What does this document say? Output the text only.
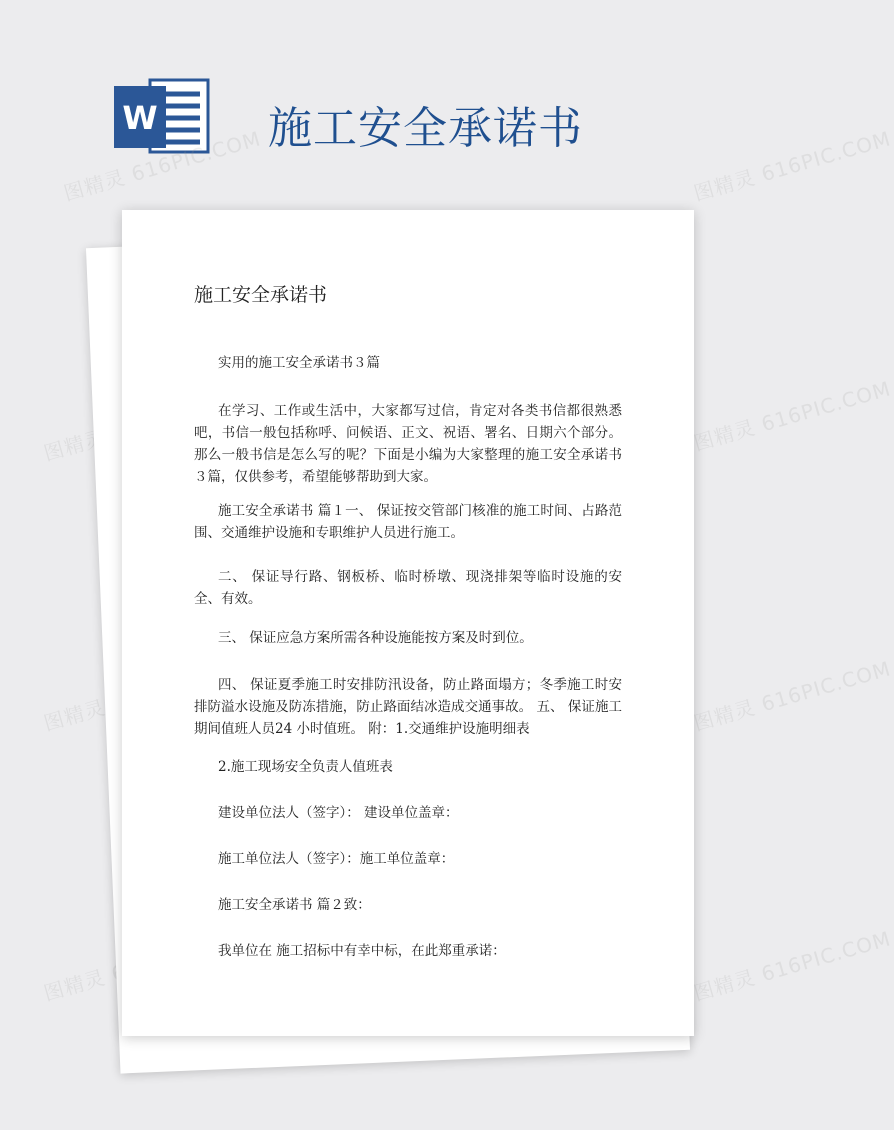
W	施工安全承诺书
图精灵 616PIC.COM	图精灵 616PIC.COM
图精灵	图精灵 616PIC.COM
图精灵	图精灵 616PIC.COM
图精灵	图精灵 616PIC.COM
施工安全承诺书
实用的施工安全承诺书３篇

在学习、工作或生活中，大家都写过信，肯定对各类书信都很熟悉吧，书信一般包括称呼、问候语、正文、祝语、署名、日期六个部分。那么一般书信是怎么写的呢？下面是小编为大家整理的施工安全承诺书３篇，仅供参考，希望能够帮助到大家。

施工安全承诺书 篇１一、 保证按交管部门核准的施工时间、占路范围、交通维护设施和专职维护人员进行施工。

二、 保证导行路、钢板桥、临时桥墩、现浇排架等临时设施的安全、有效。

三、 保证应急方案所需各种设施能按方案及时到位。

四、 保证夏季施工时安排防汛设备，防止路面塌方；冬季施工时安排防溢水设施及防冻措施，防止路面结冰造成交通事故。 五、 保证施工期间值班人员24 小时值班。 附：1.交通维护设施明细表

2.施工现场安全负责人值班表
建设单位法人（签字）： 建设单位盖章：
施工单位法人（签字）：施工单位盖章：
施工安全承诺书 篇２致：
我单位在 施工招标中有幸中标，在此郑重承诺：
